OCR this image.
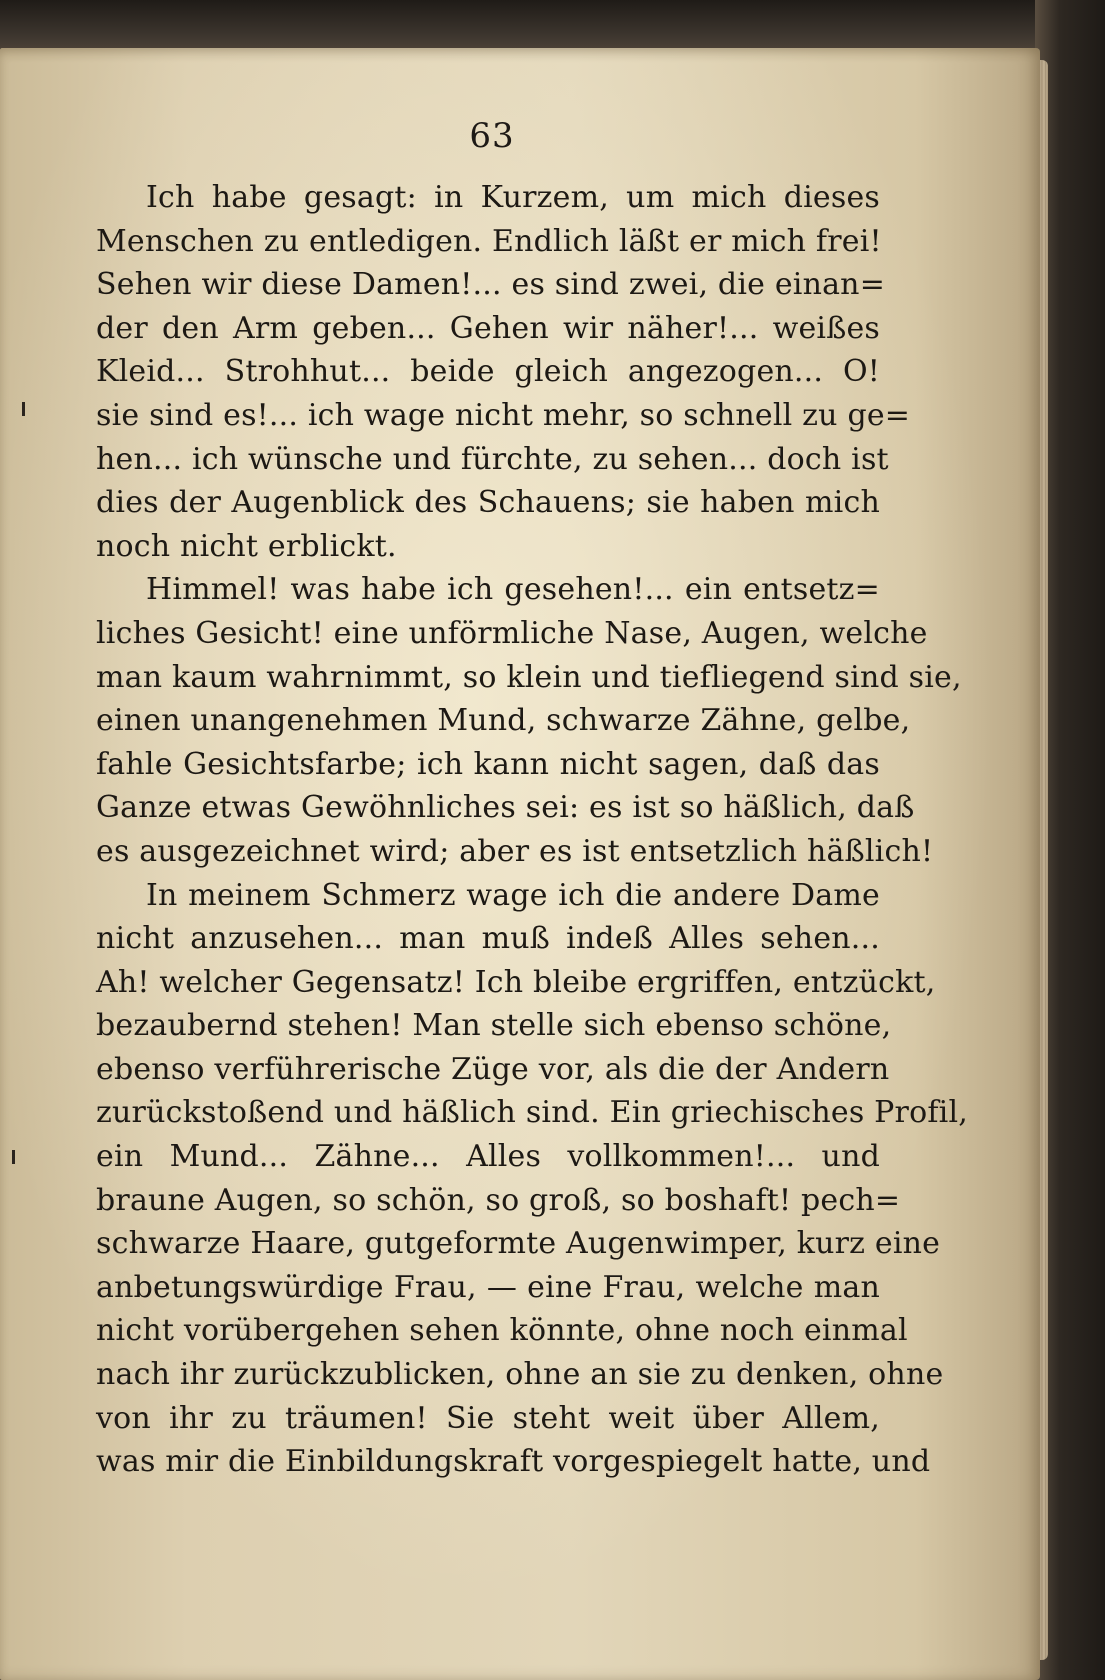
63
Ich habe gesagt: in Kurzem, um mich dieses
Menschen zu entledigen. Endlich läßt er mich frei!
Sehen wir diese Damen!... es sind zwei, die einan=
der den Arm geben... Gehen wir näher!... weißes
Kleid... Strohhut... beide gleich angezogen... O!
sie sind es!... ich wage nicht mehr, so schnell zu ge=
hen... ich wünsche und fürchte, zu sehen... doch ist
dies der Augenblick des Schauens; sie haben mich
noch nicht erblickt.
Himmel! was habe ich gesehen!... ein entsetz=
liches Gesicht! eine unförmliche Nase, Augen, welche
man kaum wahrnimmt, so klein und tiefliegend sind sie,
einen unangenehmen Mund, schwarze Zähne, gelbe,
fahle Gesichtsfarbe; ich kann nicht sagen, daß das
Ganze etwas Gewöhnliches sei: es ist so häßlich, daß
es ausgezeichnet wird; aber es ist entsetzlich häßlich!
In meinem Schmerz wage ich die andere Dame
nicht anzusehen... man muß indeß Alles sehen...
Ah! welcher Gegensatz! Ich bleibe ergriffen, entzückt,
bezaubernd stehen! Man stelle sich ebenso schöne,
ebenso verführerische Züge vor, als die der Andern
zurückstoßend und häßlich sind. Ein griechisches Profil,
ein Mund... Zähne... Alles vollkommen!... und
braune Augen, so schön, so groß, so boshaft! pech=
schwarze Haare, gutgeformte Augenwimper, kurz eine
anbetungswürdige Frau, — eine Frau, welche man
nicht vorübergehen sehen könnte, ohne noch einmal
nach ihr zurückzublicken, ohne an sie zu denken, ohne
von ihr zu träumen! Sie steht weit über Allem,
was mir die Einbildungskraft vorgespiegelt hatte, und
